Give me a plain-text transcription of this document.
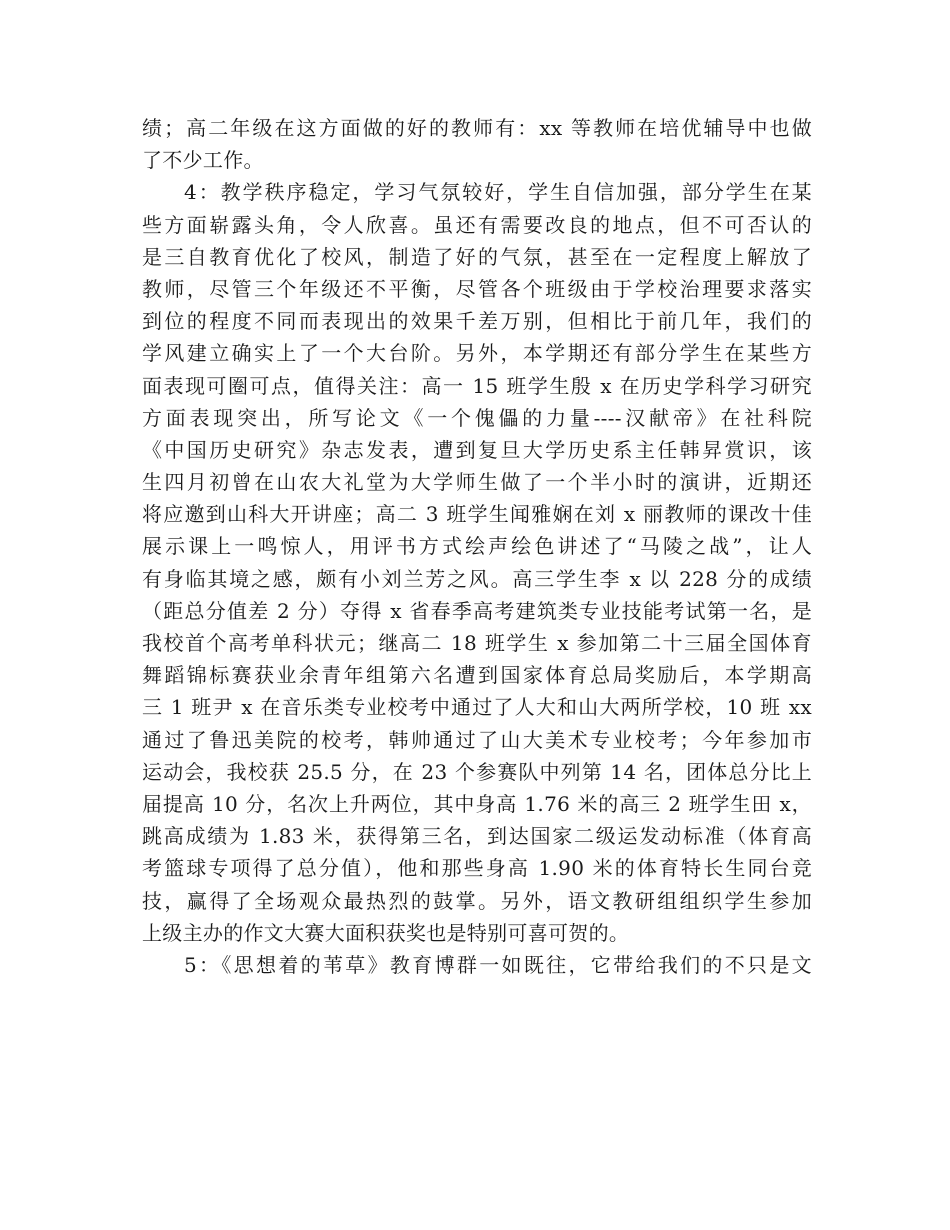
绩；高二年级在这方面做的好的教师有：xx 等教师在培优辅导中也做
了不少工作。
4：教学秩序稳定，学习气氛较好，学生自信加强，部分学生在某
些方面崭露头角，令人欣喜。虽还有需要改良的地点，但不可否认的
是三自教育优化了校风，制造了好的气氛，甚至在一定程度上解放了
教师，尽管三个年级还不平衡，尽管各个班级由于学校治理要求落实
到位的程度不同而表现出的效果千差万别，但相比于前几年，我们的
学风建立确实上了一个大台阶。另外，本学期还有部分学生在某些方
面表现可圈可点，值得关注：高一 15 班学生殷 x 在历史学科学习研究
方面表现突出，所写论文《一个傀儡的力量----汉献帝》在社科院
《中国历史研究》杂志发表，遭到复旦大学历史系主任韩昇赏识，该
生四月初曾在山农大礼堂为大学师生做了一个半小时的演讲，近期还
将应邀到山科大开讲座；高二 3 班学生闻雅娴在刘 x 丽教师的课改十佳
展示课上一鸣惊人，用评书方式绘声绘色讲述了“马陵之战”，让人
有身临其境之感，颇有小刘兰芳之风。高三学生李 x 以 228 分的成绩
（距总分值差 2 分）夺得 x 省春季高考建筑类专业技能考试第一名，是
我校首个高考单科状元；继高二 18 班学生 x 参加第二十三届全国体育
舞蹈锦标赛获业余青年组第六名遭到国家体育总局奖励后，本学期高
三 1 班尹 x 在音乐类专业校考中通过了人大和山大两所学校，10 班 xx
通过了鲁迅美院的校考，韩帅通过了山大美术专业校考；今年参加市
运动会，我校获 25.5 分，在 23 个参赛队中列第 14 名，团体总分比上
届提高 10 分，名次上升两位，其中身高 1.76 米的高三 2 班学生田 x，
跳高成绩为 1.83 米，获得第三名，到达国家二级运发动标准（体育高
考篮球专项得了总分值），他和那些身高 1.90 米的体育特长生同台竞
技，赢得了全场观众最热烈的鼓掌。另外，语文教研组组织学生参加
上级主办的作文大赛大面积获奖也是特别可喜可贺的。
5：《思想着的苇草》教育博群一如既往，它带给我们的不只是文
